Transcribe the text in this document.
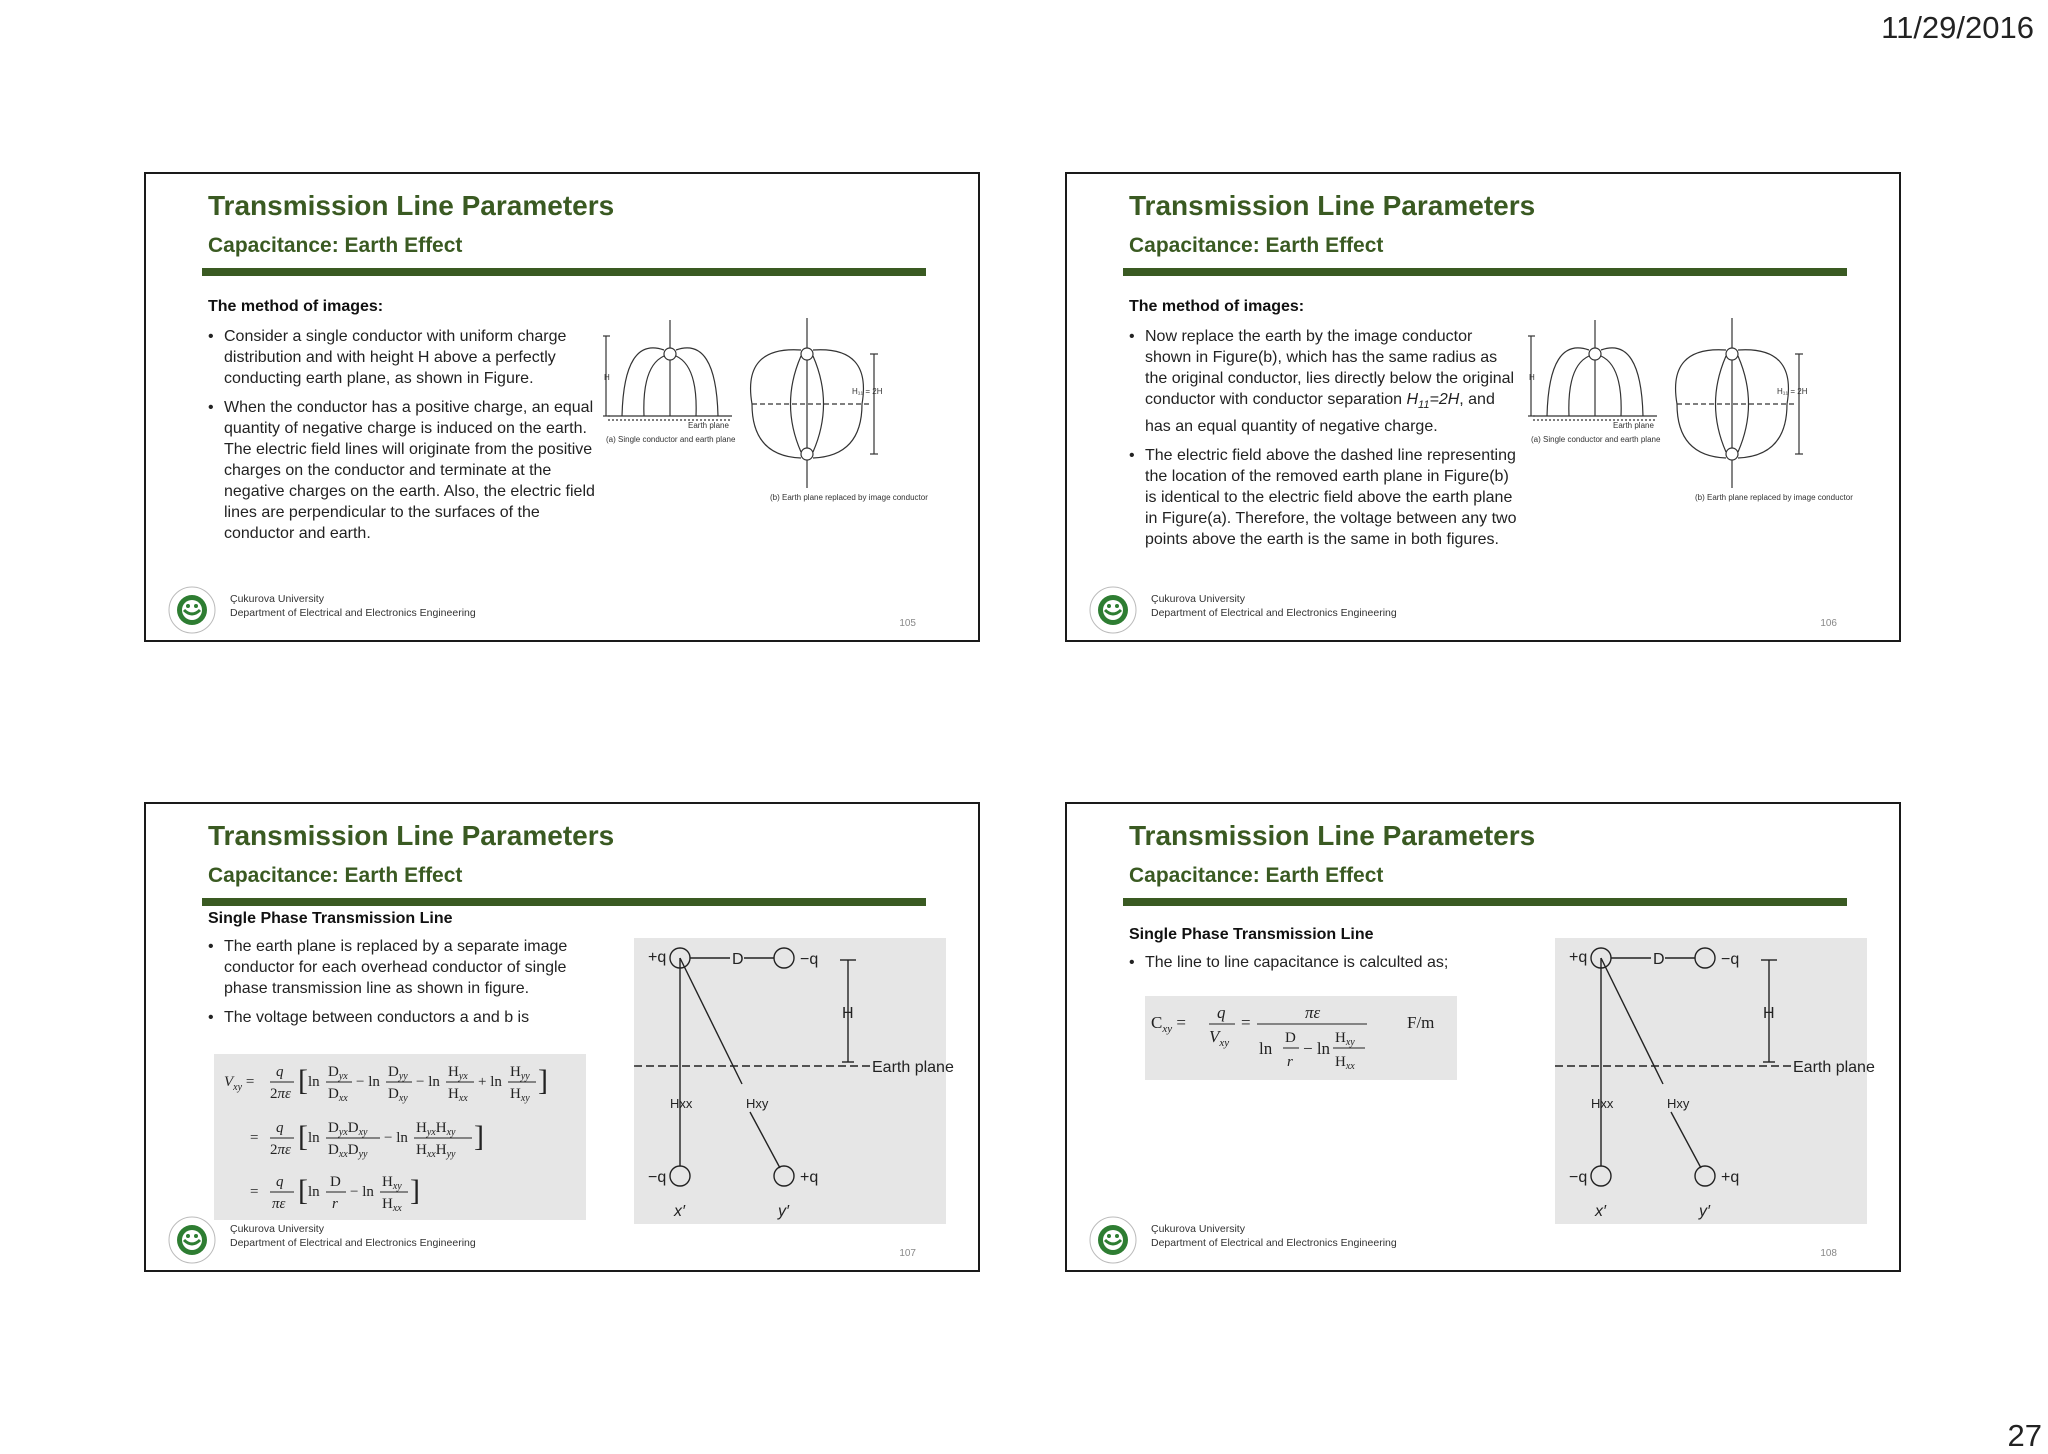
11/29/2016
Transmission Line Parameters
Capacitance: Earth Effect
The method of images:
• Consider a single conductor with uniform charge distribution and with height H above a perfectly conducting earth plane, as shown in Figure.
• When the conductor has a positive charge, an equal quantity of negative charge is induced on the earth. The electric field lines will originate from the positive charges on the conductor and terminate at the negative charges on the earth. Also, the electric field lines are perpendicular to the surfaces of the conductor and earth.
H
Earth plane
(a) Single conductor and earth plane
H₁₁ = 2H
(b) Earth plane replaced by image conductor
Çukurova University
Department of Electrical and Electronics Engineering
105
Transmission Line Parameters
Capacitance: Earth Effect
The method of images:
• Now replace the earth by the image conductor shown in Figure(b), which has the same radius as the original conductor, lies directly below the original conductor with conductor separation $H_{11}=2H$, and has an equal quantity of negative charge.
• The electric field above the dashed line representing the location of the removed earth plane in Figure(b) is identical to the electric field above the earth plane in Figure(a). Therefore, the voltage between any two points above the earth is the same in both figures.
H
Earth plane
(a) Single conductor and earth plane
H₁₁ = 2H
(b) Earth plane replaced by image conductor
Çukurova University
Department of Electrical and Electronics Engineering
106
Transmission Line Parameters
Capacitance: Earth Effect
Single Phase Transmission Line
• The earth plane is replaced by a separate image conductor for each overhead conductor of single phase transmission line as shown in figure.
• The voltage between conductors a and b is
$V_{xy}$ =
q
2πε [ ln
$D_{yx}$
$D_{xx}$
− ln
$D_{yy}$
$D_{xy}$
− ln
$H_{yx}$
$H_{xx}$
+ ln
$H_{yy}$
$H_{xy}$
]
=
q
2πε [ ln
$D_{yx}D_{xy}$
$D_{xx}D_{yy}$
− ln
$H_{yx}H_{xy}$
$H_{xx}H_{yy}$
]
=
q
πε [ ln
D
r
− ln
$H_{xy}$
$H_{xx}$
]
+q	D	−q
H
Earth plane
Hxx	Hxy
−q	+q
x′	y′
Çukurova University
Department of Electrical and Electronics Engineering
107
Transmission Line Parameters
Capacitance: Earth Effect
Single Phase Transmission Line
• The line to line capacitance is calculted as;
$C_{xy}$ =
q
$V_{xy}$
=
πε
ln
D
r
− ln
$H_{xy}$
$H_{xx}$
F/m
+q	D	−q
H
Earth plane
Hxx	Hxy
−q	+q
x′	y′
Çukurova University
Department of Electrical and Electronics Engineering
108
27
